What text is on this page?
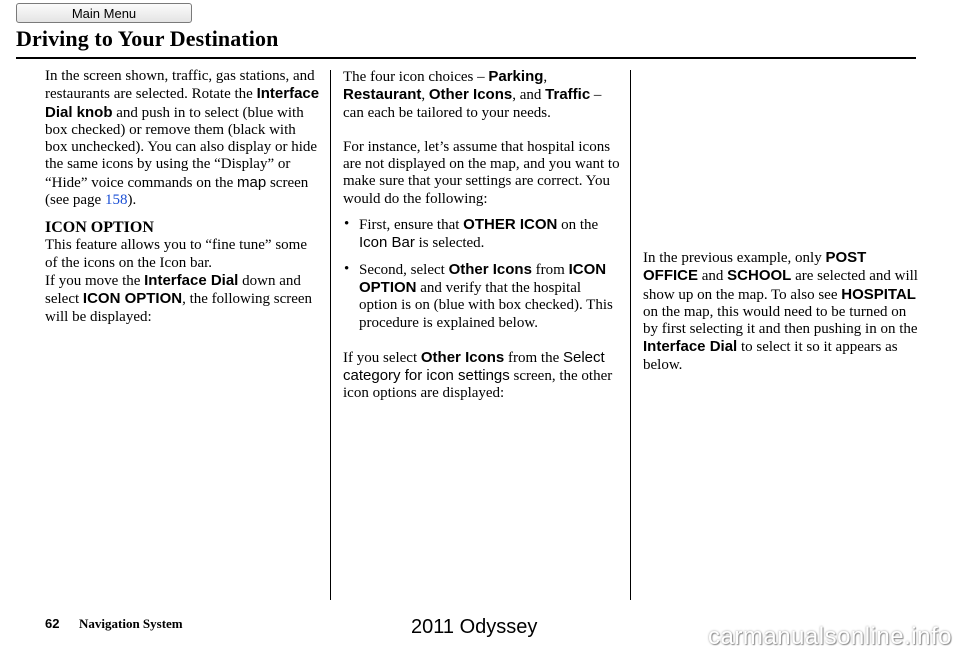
Main Menu
Driving to Your Destination

In the screen shown, traffic, gas stations, and restaurants are selected. Rotate the Interface Dial knob and push in to select (blue with box checked) or remove them (black with box unchecked). You can also display or hide the same icons by using the “Display” or “Hide” voice commands on the map screen (see page 158).

ICON OPTION

This feature allows you to “fine tune” some of the icons on the Icon bar.

If you move the Interface Dial down and select ICON OPTION, the following screen will be displayed:

The four icon choices – Parking, Restaurant, Other Icons, and Traffic – can each be tailored to your needs.

For instance, let’s assume that hospital icons are not displayed on the map, and you want to make sure that your settings are correct. You would do the following:

• First, ensure that OTHER ICON on the Icon Bar is selected.
• Second, select Other Icons from ICON OPTION and verify that the hospital option is on (blue with box checked). This procedure is explained below.

If you select Other Icons from the Select category for icon settings screen, the other icon options are displayed:

In the previous example, only POST OFFICE and SCHOOL are selected and will show up on the map. To also see HOSPITAL on the map, this would need to be turned on by first selecting it and then pushing in on the Interface Dial to select it so it appears as below.

62 Navigation System	2011 Odyssey	carmanualsonline.info
